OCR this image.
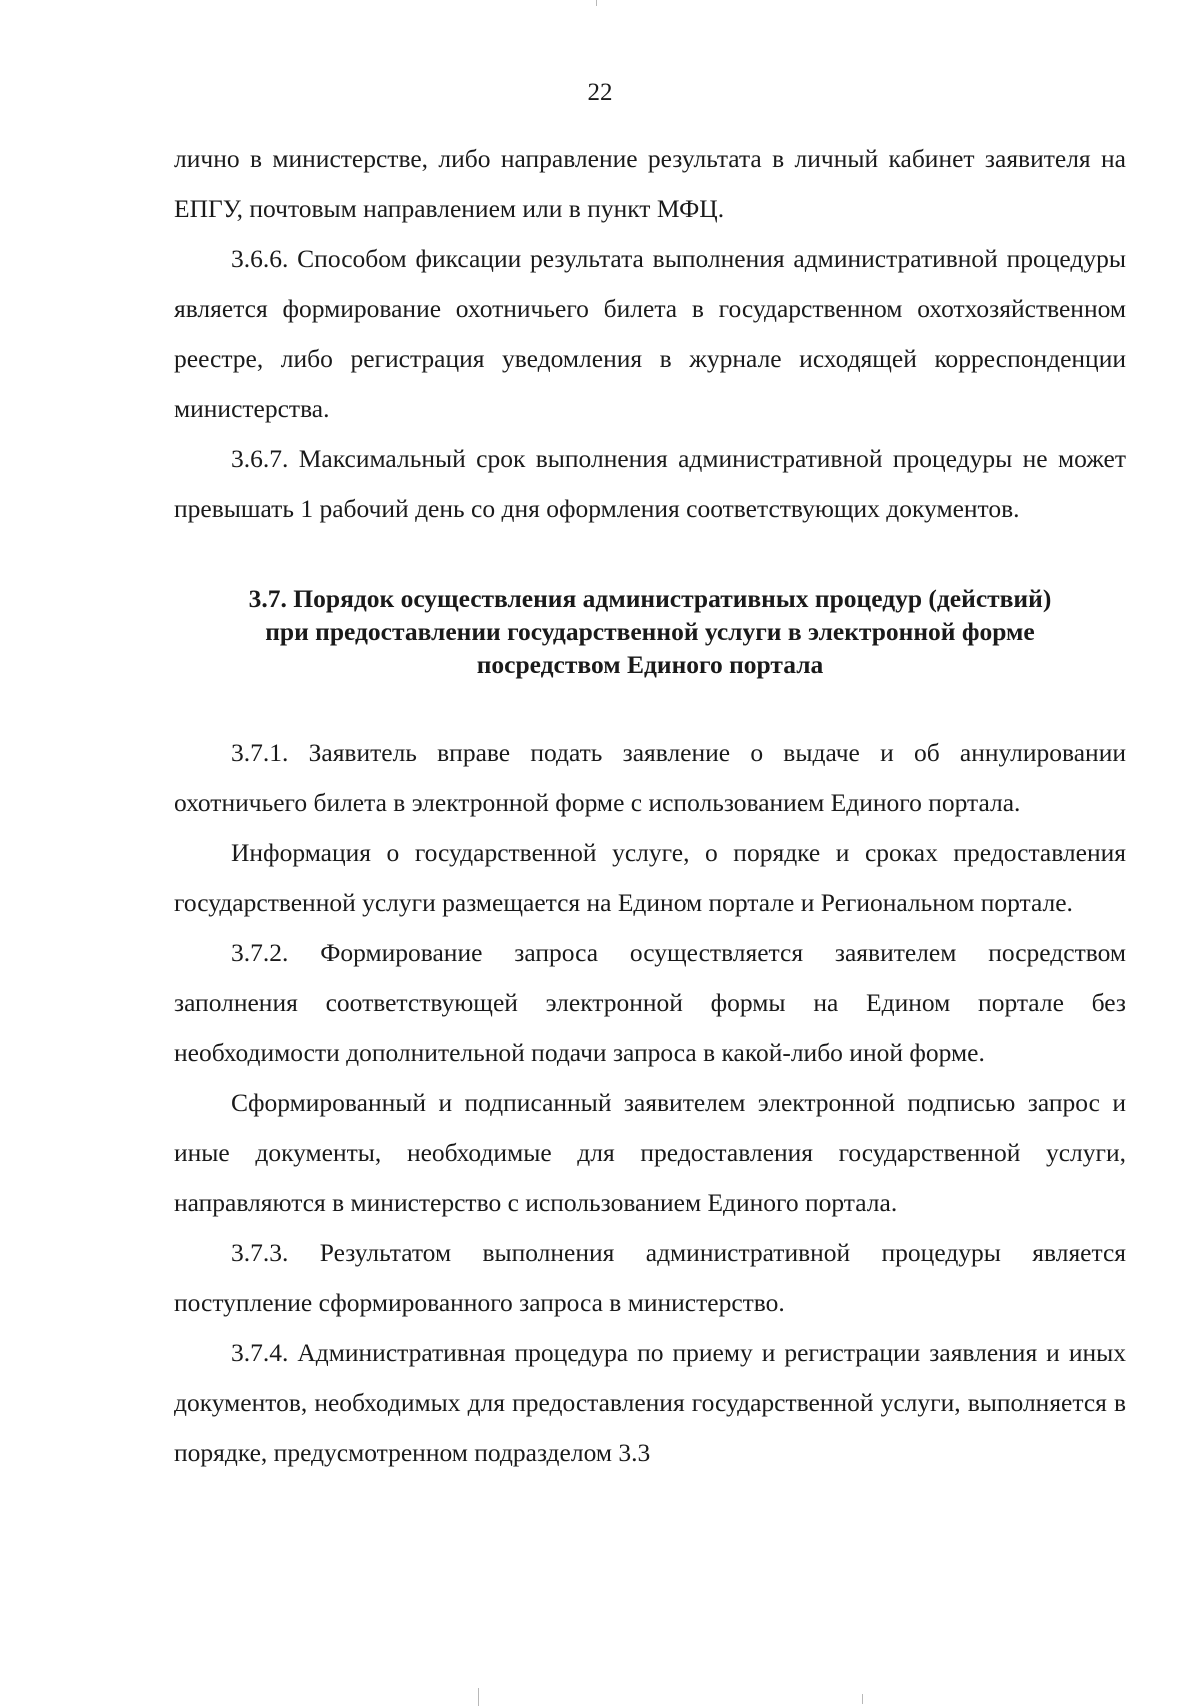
22

лично в министерстве, либо направление результата в личный кабинет заявителя на ЕПГУ, почтовым направлением или в пункт МФЦ.

3.6.6. Способом фиксации результата выполнения административной процедуры является формирование охотничьего билета в государственном охотхозяйственном реестре, либо регистрация уведомления в журнале исходящей корреспонденции министерства.

3.6.7. Максимальный срок выполнения административной процедуры не может превышать 1 рабочий день со дня оформления соответствующих документов.

3.7. Порядок осуществления административных процедур (действий)
при предоставлении государственной услуги в электронной форме
посредством Единого портала

3.7.1. Заявитель вправе подать заявление о выдаче и об аннулировании охотничьего билета в электронной форме с использованием Единого портала.

Информация о государственной услуге, о порядке и сроках предоставления государственной услуги размещается на Едином портале и Региональном портале.

3.7.2. Формирование запроса осуществляется заявителем посредством заполнения соответствующей электронной формы на Едином портале без необходимости дополнительной подачи запроса в какой-либо иной форме.

Сформированный и подписанный заявителем электронной подписью запрос и иные документы, необходимые для предоставления государственной услуги, направляются в министерство с использованием Единого портала.

3.7.3. Результатом выполнения административной процедуры является поступление сформированного запроса в министерство.

3.7.4. Административная процедура по приему и регистрации заявления и иных документов, необходимых для предоставления государственной услуги, выполняется в порядке, предусмотренном подразделом 3.3
